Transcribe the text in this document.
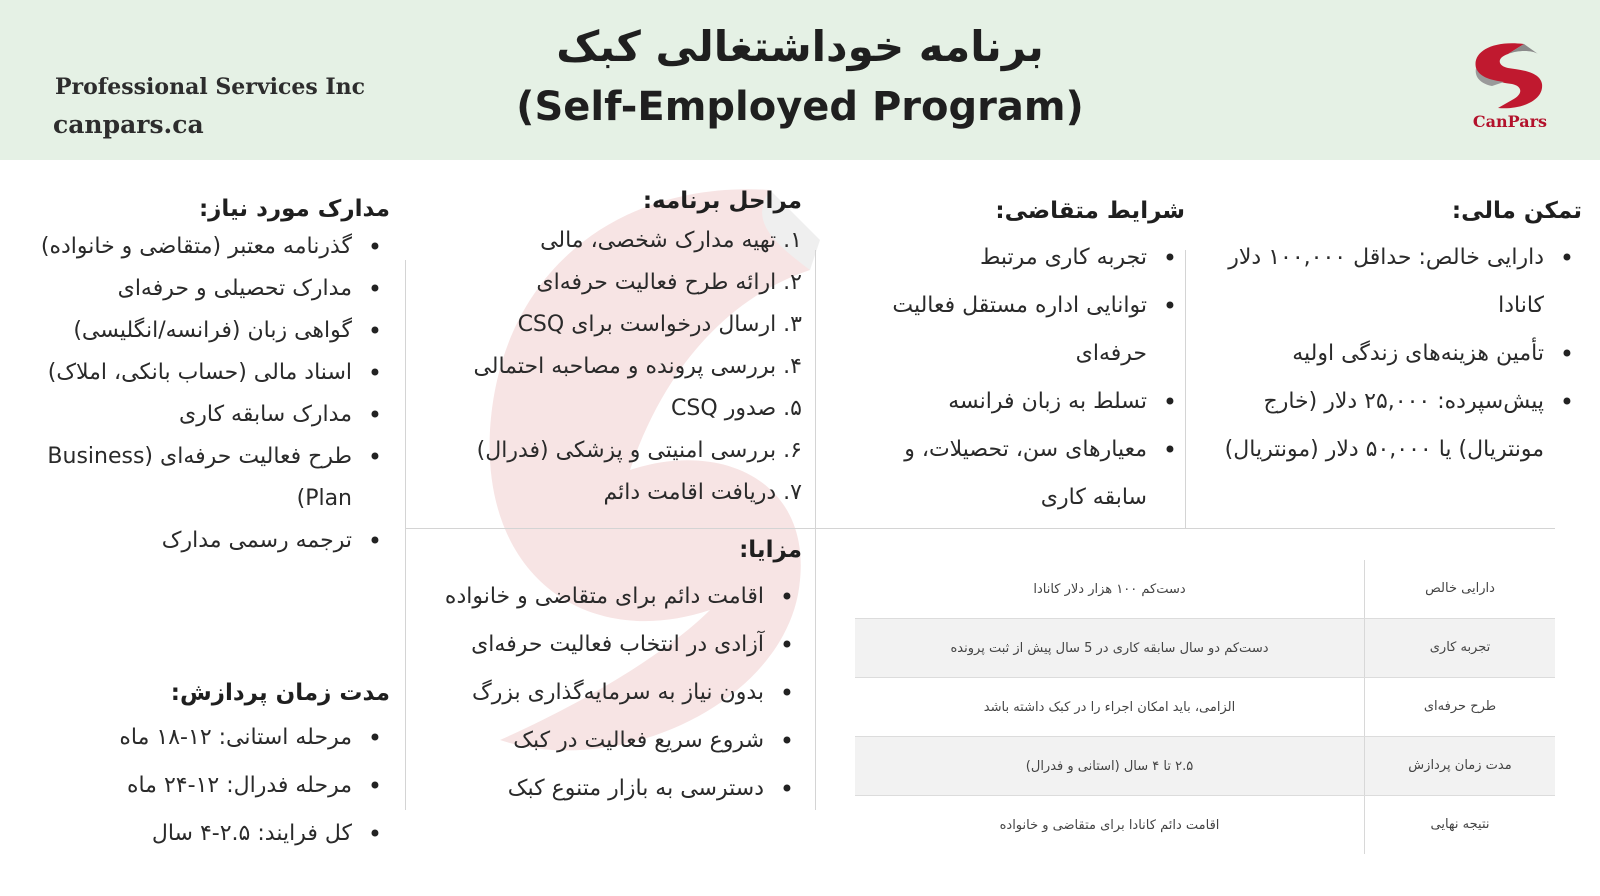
Professional Services Inc
canpars.ca
برنامه خوداشتغالی کبک
(Self-Employed Program)	CanPars
تمکن مالی:
• دارایی خالص: حداقل ۱۰۰,۰۰۰ دلار کانادا
• تأمین هزینه‌های زندگی اولیه
• پیش‌سپرده: ۲۵,۰۰۰ دلار (خارج مونتریال) یا ۵۰,۰۰۰ دلار (مونتریال)
شرایط متقاضی:
• تجربه کاری مرتبط
• توانایی اداره مستقل فعالیت حرفه‌ای
• تسلط به زبان فرانسه
• معیارهای سن، تحصیلات، و سابقه کاری
مراحل برنامه:
۱. تهیه مدارک شخصی، مالی
۲. ارائه طرح فعالیت حرفه‌ای
۳. ارسال درخواست برای CSQ
۴. بررسی پرونده و مصاحبه احتمالی
۵. صدور CSQ
۶. بررسی امنیتی و پزشکی (فدرال)
۷. دریافت اقامت دائم
مدارک مورد نیاز:
• گذرنامه معتبر (متقاضی و خانواده)
• مدارک تحصیلی و حرفه‌ای
• گواهی زبان (فرانسه/انگلیسی)
• اسناد مالی (حساب بانکی، املاک)
• مدارک سابقه کاری
• طرح فعالیت حرفه‌ای (Business Plan)
• ترجمه رسمی مدارک
مدت زمان پردازش:
• مرحله استانی: ۱۲-۱۸ ماه
• مرحله فدرال: ۱۲-۲۴ ماه
• کل فرایند: ۲.۵-۴ سال
مزایا:
• اقامت دائم برای متقاضی و خانواده
• آزادی در انتخاب فعالیت حرفه‌ای
• بدون نیاز به سرمایه‌گذاری بزرگ
• شروع سریع فعالیت در کبک
• دسترسی به بازار متنوع کبک
دارایی خالص
دست‌کم ۱۰۰ هزار دلار کانادا
تجربه کاری
دست‌کم دو سال سابقه کاری در 5 سال پیش از ثبت پرونده
طرح حرفه‌ای
الزامی، باید امکان اجراء را در کبک داشته باشد
مدت زمان پردازش
۲.۵ تا ۴ سال (استانی و فدرال)
نتیجه نهایی
اقامت دائم کانادا برای متقاضی و خانواده
